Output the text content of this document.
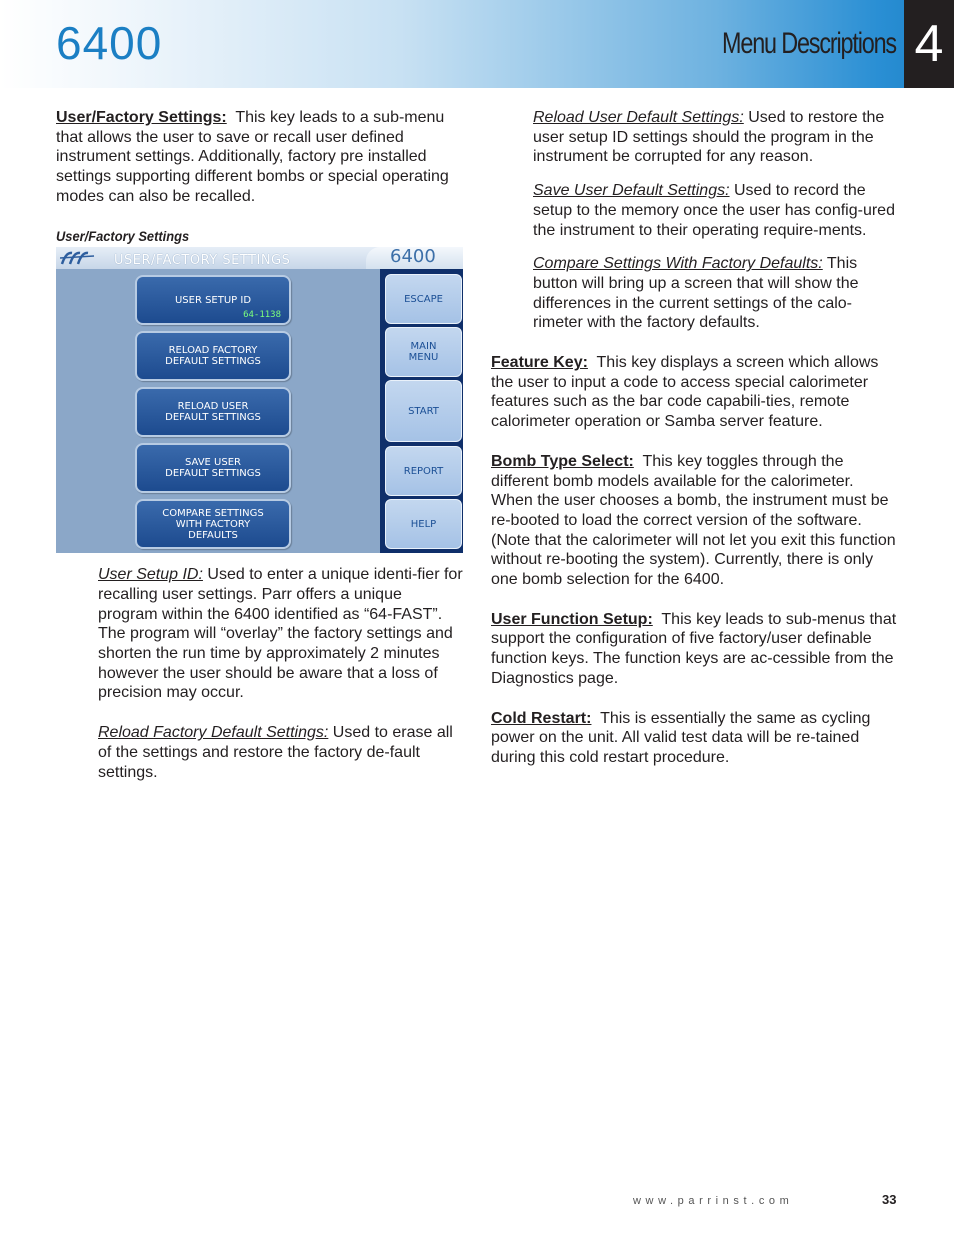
6400	Menu Descriptions 4

User/Factory Settings: This key leads to a sub-menu that allows the user to save or recall user defined instrument settings. Additionally, factory pre installed settings supporting different bombs or special operating modes can also be recalled.

User/Factory Settings
USER/FACTORY SETTINGS	6400
USER SETUP ID
64-1138
RELOAD FACTORY
DEFAULT SETTINGS
RELOAD USER
DEFAULT SETTINGS
SAVE USER
DEFAULT SETTINGS
COMPARE SETTINGS
WITH FACTORY
DEFAULTS
ESCAPE
MAIN
MENU
START
REPORT
HELP

User Setup ID: Used to enter a unique identi-fier for recalling user settings. Parr offers a unique program within the 6400 identified as “64-FAST”. The program will “overlay” the factory settings and shorten the run time by approximately 2 minutes however the user should be aware that a loss of precision may occur.

Reload Factory Default Settings: Used to erase all of the settings and restore the factory de-fault settings.

Reload User Default Settings: Used to restore the user setup ID settings should the program in the instrument be corrupted for any reason.

Save User Default Settings: Used to record the setup to the memory once the user has config-ured the instrument to their operating require-ments.

Compare Settings With Factory Defaults: This button will bring up a screen that will show the differences in the current settings of the calo-rimeter with the factory defaults.

Feature Key: This key displays a screen which allows the user to input a code to access special calorimeter features such as the bar code capabili-ties, remote calorimeter operation or Samba server feature.

Bomb Type Select: This key toggles through the different bomb models available for the calorimeter. When the user chooses a bomb, the instrument must be re-booted to load the correct version of the software. (Note that the calorimeter will not let you exit this function without re-booting the system). Currently, there is only one bomb selection for the 6400.

User Function Setup: This key leads to sub-menus that support the configuration of five factory/user definable function keys. The function keys are ac-cessible from the Diagnostics page.

Cold Restart: This is essentially the same as cycling power on the unit. All valid test data will be re-tained during this cold restart procedure.

www.parrinst.com	33
